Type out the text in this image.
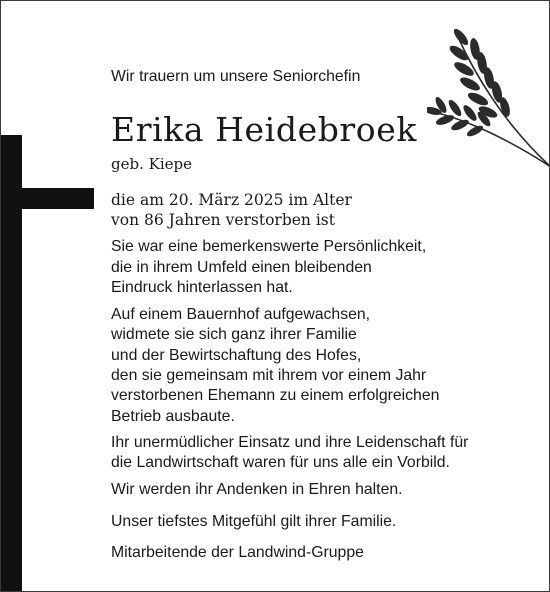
Wir trauern um unsere Seniorchefin

Erika Heidebroek

geb. Kiepe

die am 20. März 2025 im Alter

von 86 Jahren verstorben ist

Sie war eine bemerkenswerte Persönlichkeit,

die in ihrem Umfeld einen bleibenden

Eindruck hinterlassen hat.

Auf einem Bauernhof aufgewachsen,

widmete sie sich ganz ihrer Familie

und der Bewirtschaftung des Hofes,

den sie gemeinsam mit ihrem vor einem Jahr

verstorbenen Ehemann zu einem erfolgreichen

Betrieb ausbaute.

Ihr unermüdlicher Einsatz und ihre Leidenschaft für

die Landwirtschaft waren für uns alle ein Vorbild.

Wir werden ihr Andenken in Ehren halten.

Unser tiefstes Mitgefühl gilt ihrer Familie.

Mitarbeitende der Landwind-Gruppe
